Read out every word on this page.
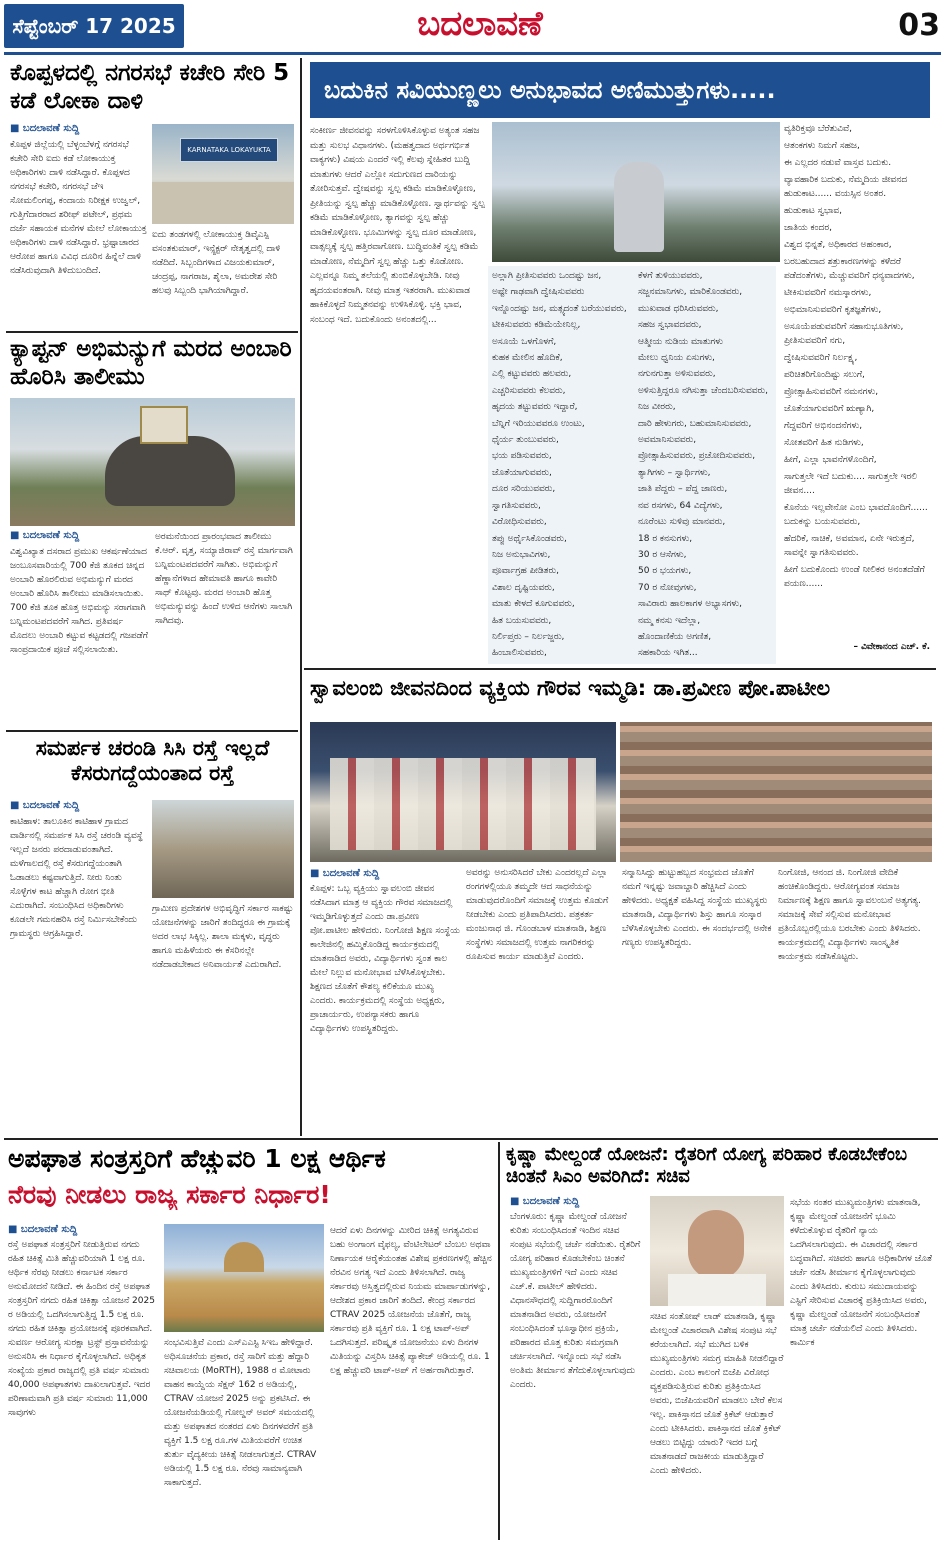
ಸೆಪ್ಟೆಂಬರ್ 17 2025	ಬದಲಾವಣೆ	03
ಕೊಪ್ಪಳದಲ್ಲಿ ನಗರಸಭೆ ಕಚೇರಿ ಸೇರಿ 5 ಕಡೆ ಲೋಕಾ ದಾಳಿ
■ ಬದಲಾವಣೆ ಸುದ್ದಿ
ಕೊಪ್ಪಳ ಜಿಲ್ಲೆಯಲ್ಲಿ ಬೆಳ್ಳಂಬೆಳಗ್ಗೆ ನಗರಸಭೆ ಕಚೇರಿ ಸೇರಿ ಐದು ಕಡೆ ಲೋಕಾಯುಕ್ತ ಅಧಿಕಾರಿಗಳು ದಾಳಿ ನಡೆಸಿದ್ದಾರೆ. ಕೊಪ್ಪಳದ ನಗರಸಭೆ ಕಚೇರಿ, ನಗರಸಭೆ ಜೆಇ ಸೋಮಲಿಂಗಪ್ಪ, ಕಂದಾಯ ನಿರೀಕ್ಷಕ ಉಜ್ವಲ್, ಗುತ್ತಿಗೆದಾರರಾದ ಶರೀಫ್ ಪಟೇಲ್, ಪ್ರಥಮ ದರ್ಜೆ ಸಹಾಯಕ ಮನೆಗಳ ಮೇಲೆ ಲೋಕಾಯುಕ್ತ ಅಧಿಕಾರಿಗಳು ದಾಳಿ ನಡೆಸಿದ್ದಾರೆ. ಭ್ರಷ್ಟಾಚಾರದ ಆರೋಪ ಹಾಗೂ ವಿವಿಧ ದೂರಿನ ಹಿನ್ನೆಲೆ ದಾಳಿ ನಡೆಸಿರುವುದಾಗಿ ತಿಳಿದುಬಂದಿದೆ.
KARNATAKA LOKAYUKTA
ಐದು ತಂಡಗಳಲ್ಲಿ ಲೋಕಾಯುಕ್ತ ಡಿವೈಎಸ್ಪಿ ವಸಂತಕುಮಾರ್, ಇನ್ಸ್ಪೆಕ್ಟರ್ ನೇತೃತ್ವದಲ್ಲಿ ದಾಳಿ ನಡೆದಿದೆ. ಸಿಬ್ಬಂದಿಗಳಾದ ವಿಜಯಕುಮಾರ್, ಚಂದ್ರಪ್ಪ, ನಾಗರಾಜ, ಶೈಲಾ, ಅಮರೇಶ ಸೇರಿ ಹಲವು ಸಿಬ್ಬಂದಿ ಭಾಗಿಯಾಗಿದ್ದಾರೆ.
ಕ್ಯಾಪ್ಟನ್ ಅಭಿಮನ್ಯುಗೆ ಮರದ ಅಂಬಾರಿ ಹೊರಿಸಿ ತಾಲೀಮು
■ ಬದಲಾವಣೆ ಸುದ್ದಿ
ವಿಶ್ವವಿಖ್ಯಾತ ದಸರಾದ ಪ್ರಮುಖ ಆಕರ್ಷಣೆಯಾದ ಜಂಬೂಸವಾರಿಯಲ್ಲಿ 700 ಕೆಜಿ ತೂಕದ ಚಿನ್ನದ ಅಂಬಾರಿ ಹೊರಲಿರುವ ಅಭಿಮನ್ಯುಗೆ ಮರದ ಅಂಬಾರಿ ಹೊರಿಸಿ ತಾಲೀಮು ಮಾಡಿಸಲಾಯಿತು. 700 ಕೆಜಿ ತೂಕ ಹೊತ್ತ ಅಭಿಮನ್ಯು ಸರಾಗವಾಗಿ ಬನ್ನಿಮಂಟಪದವರೆಗೆ ಸಾಗಿದ. ಪ್ರತಿವರ್ಷ ಮೊದಲು ಅಂಬಾರಿ ಕಟ್ಟುವ ಕಟ್ಟಡದಲ್ಲಿ ಗಜಪಡೆಗೆ ಸಾಂಪ್ರದಾಯಿಕ ಪೂಜೆ ಸಲ್ಲಿಸಲಾಯಿತು.
ಅರಮನೆಯಿಂದ ಪ್ರಾರಂಭವಾದ ತಾಲೀಮು ಕೆ.ಆರ್. ವೃತ್ತ, ಸಯ್ಯಾಜಿರಾವ್ ರಸ್ತೆ ಮಾರ್ಗವಾಗಿ ಬನ್ನಿಮಂಟಪದವರೆಗೆ ಸಾಗಿತು. ಅಭಿಮನ್ಯುಗೆ ಹೆಣ್ಣಾನೆಗಳಾದ ಹೇಮಾವತಿ ಹಾಗೂ ಕಾವೇರಿ ಸಾಥ್ ಕೊಟ್ಟವು. ಮರದ ಅಂಬಾರಿ ಹೊತ್ತ ಅಭಿಮನ್ಯುವನ್ನು ಹಿಂದೆ ಉಳಿದ ಆನೆಗಳು ಸಾಲಾಗಿ ಸಾಗಿದವು.
ಸಮರ್ಪಕ ಚರಂಡಿ ಸಿಸಿ ರಸ್ತೆ ಇಲ್ಲದೆ ಕೆಸರುಗದ್ದೆಯಂತಾದ ರಸ್ತೆ
■ ಬದಲಾವಣೆ ಸುದ್ದಿ
ಕಾಟಿಹಾಳ: ತಾಲೂಕಿನ ಕಾಟಿಹಾಳ ಗ್ರಾಮದ ವಾರ್ಡಿನಲ್ಲಿ ಸಮರ್ಪಕ ಸಿಸಿ ರಸ್ತೆ ಚರಂಡಿ ವ್ಯವಸ್ಥೆ ಇಲ್ಲದೆ ಜನರು ಪರದಾಡುವಂತಾಗಿದೆ. ಮಳೆಗಾಲದಲ್ಲಿ ರಸ್ತೆ ಕೆಸರುಗದ್ದೆಯಂತಾಗಿ ಓಡಾಡಲು ಕಷ್ಟವಾಗುತ್ತಿದೆ. ನೀರು ನಿಂತು ಸೊಳ್ಳೆಗಳ ಕಾಟ ಹೆಚ್ಚಾಗಿ ರೋಗ ಭೀತಿ ಎದುರಾಗಿದೆ. ಸಂಬಂಧಿಸಿದ ಅಧಿಕಾರಿಗಳು ಕೂಡಲೇ ಗಮನಹರಿಸಿ ರಸ್ತೆ ನಿರ್ಮಿಸಬೇಕೆಂದು ಗ್ರಾಮಸ್ಥರು ಆಗ್ರಹಿಸಿದ್ದಾರೆ.
ಗ್ರಾಮೀಣ ಪ್ರದೇಶಗಳ ಅಭಿವೃದ್ಧಿಗೆ ಸರ್ಕಾರ ಸಾಕಷ್ಟು ಯೋಜನೆಗಳನ್ನು ಜಾರಿಗೆ ತಂದಿದ್ದರೂ ಈ ಗ್ರಾಮಕ್ಕೆ ಅದರ ಲಾಭ ಸಿಕ್ಕಿಲ್ಲ. ಶಾಲಾ ಮಕ್ಕಳು, ವೃದ್ಧರು ಹಾಗೂ ಮಹಿಳೆಯರು ಈ ಕೆಸರಿನಲ್ಲೇ ನಡೆದಾಡಬೇಕಾದ ಅನಿವಾರ್ಯತೆ ಎದುರಾಗಿದೆ.
ಬದುಕಿನ ಸವಿಯುಣ್ಣಲು ಅನುಭಾವದ ಅಣಿಮುತ್ತುಗಳು.....
ಸಂಕೀರ್ಣ ಜೀವನವನ್ನು ಸರಳಗೊಳಿಸಿಕೊಳ್ಳುವ ಅತ್ಯಂತ ಸಹಜ ಮತ್ತು ಸುಲಭ ವಿಧಾನಗಳು. (ಮಹತ್ವದಾದ ಅರ್ಥಗರ್ಭಿತ ವಾಕ್ಯಗಳು) ವಿಷಯ ಎಂದರೆ ಇಲ್ಲಿ ಕೆಲವು ಸ್ನೇಹಿತರ ಬುದ್ದಿ ಮಾತುಗಳು ಆದರೆ ಎಲ್ಲೋ ಸದುಗುಣದ ದಾರಿಯನ್ನು ತೋರಿಸುತ್ತವೆ. ದ್ವೇಷವನ್ನು ಸ್ವಲ್ಪ ಕಡಿಮೆ ಮಾಡಿಕೊಳ್ಳೋಣ, ಪ್ರೀತಿಯನ್ನು ಸ್ವಲ್ಪ ಹೆಚ್ಚು ಮಾಡಿಕೊಳ್ಳೋಣ. ಸ್ವಾರ್ಥವನ್ನು ಸ್ವಲ್ಪ ಕಡಿಮೆ ಮಾಡಿಕೊಳ್ಳೋಣ, ತ್ಯಾಗವನ್ನು ಸ್ವಲ್ಪ ಹೆಚ್ಚು ಮಾಡಿಕೊಳ್ಳೋಣ. ಭೂಮಿಗಳನ್ನು ಸ್ವಲ್ಪ ದೂರ ಮಾಡೋಣ, ವಾತ್ಸಲ್ಯಕ್ಕೆ ಸ್ವಲ್ಪ ಹತ್ತಿರವಾಗೋಣ. ಬುದ್ಧಿವಂತಿಕೆ ಸ್ವಲ್ಪ ಕಡಿಮೆ ಮಾಡೋಣ, ನೆಮ್ಮದಿಗೆ ಸ್ವಲ್ಪ ಹೆಚ್ಚು ಒತ್ತು ಕೊಡೋಣ. ಎಲ್ಲವನ್ನೂ ನಿಮ್ಮ ತಲೆಯಲ್ಲಿ ತುಂಬಿಕೊಳ್ಳಬೇಡಿ. ನೀವು ಹೃದಯವಂತರಾಗಿ. ನೀವು ಮಾತ್ರ ಇತರರಾಗಿ. ಮುಖವಾಡ ಹಾಕಿಕೊಳ್ಳದೆ ನಿಮ್ಮತನವನ್ನು ಉಳಿಸಿಕೊಳ್ಳಿ. ಭಕ್ತಿ ಭಾವ, ಸಂಬಂಧ ಇದೆ. ಬದುಕೊಂದು ಅನಂತದಲ್ಲಿ...
ಅಲ್ಲಾಗಿ ಪ್ರೀತಿಸುವವರು ಒಂದಷ್ಟು ಜನ,
ಅಷ್ಟೇ ಗಾಢವಾಗಿ ದ್ವೇಷಿಸುವವರು
ಇನ್ನೊಂದಷ್ಟು ಜನ, ಮತ್ಸ್ಯದಂತೆ ಬರೆಯುವವರು,
ಟೀಕಿಸುವವರು ಕಡಿಮೆಯೇನಿಲ್ಲ,
ಅಸೂಯೆ ಒಳಗೊಳಗೆ,
ಕುಹಕ ಮೇಲಿನ ಹೊದಿಕೆ,
ಎಲ್ಲಿ ಕಟ್ಟುವವರು ಹಲವರು,
ಎಚ್ಚರಿಸುವವರು ಕೆಲವರು,
ಹೃದಯ ತಟ್ಟುವವರು ಇದ್ದಾರೆ,
ಬೆನ್ನಿಗೆ ಇರಿಯುವವರೂ ಉಂಟು,
ಧೈರ್ಯ ತುಂಬುವವರು,
ಭಯ ಪಡಿಸುವವರು,
ಜೊತೆಯಾಗುವವರು,
ದೂರ ಸರಿಯುವವರು,
ಸ್ವಾಗತಿಸುವವರು,
ವಿರೋಧಿಸುವವರು,
ತಪ್ಪು ಅರ್ಥೈಸಿಕೊಂಡವರು,
ನಿಜ ಅನುಭಾವಿಗಳು,
ಪೂರ್ವಾಗ್ರಹ ಪೀಡಿತರು,
ವಿಶಾಲ ದೃಷ್ಟಿಯವರು,
ಮಾತು ಕೇಳದೆ ಕೂಗುವವರು,
ಹಿತ ಬಯಸುವವರು,
ನಿರ್ಲಿಪ್ತರು – ನಿರ್ಲಜ್ಜರು,
ಹಿಂಬಾಲಿಸುವವರು,
ಕೆಳಗೆ ತುಳಿಯುವವರು,
ಸಜ್ಜನಮಾನಿಗಳು, ಮಾರಿಕೊಂಡವರು,
ಮುಖವಾಡ ಧರಿಸಿರುವವರು,
ಸಹಜ ಸ್ವಭಾವದವರು,
ಆತ್ಮೀಯ ನುಡಿಯ ಮಾತುಗಳು
ಮೇಲು ಧ್ವನಿಯ ಏಸುಗಳು,
ನಗುನಗುತ್ತಾ ಅಳಿಸುವವರು,
ಅಳಿಸುತ್ತಿದ್ದರೂ ನಗಿಸುತ್ತಾ ಚೆಂದಬರಿಸುವವರು,
ನಿಜ ವೀರರು,
ದಾರಿ ಹೇಳುಗರು, ಬಹುಮಾನಿಸುವವರು,
ಅವಮಾನಿಸುವವರು,
ಪ್ರೋತ್ಸಾಹಿಸುವವರು, ಪ್ರಚೋದಿಸುವವರು,
ತ್ಯಾಗಿಗಳು – ಸ್ವಾರ್ಥಿಗಳು,
ಜಾತಿ ಪೆದ್ದರು – ಪೆದ್ದ ಜಾಣರು,
ನವ ರಸಗಳು, 64 ವಿದ್ಯೆಗಳು,
ನೂರೆಂಟು ಸುಳಿವು ಮಾನವರು,
18 ರ ಕನಸುಗಳು,
30 ರ ಆಸೆಗಳು,
50 ರ ಭಯಗಳು,
70 ರ ನೋವುಗಳು,
ಸಾವಿರಾರು ಹಾಲಕಾಗಳ ಅಭ್ಯಾಸಗಳು,
ನಮ್ಮ ಕನಸು ಇದೆಲ್ಲಾ,
ಹೊಂದಾಣಿಕೆಯ ಅಗಣಿತ,
ಸಹಕಾರಿಯ ಇಗಿತ...
ವ್ಯತಿರಿಕ್ತವೂ ಬೆರೆತುವಿವೆ,
ಆತಂಕಗಳು ನಿಮಗೆ ಸಹಜ,
ಈ ಎಲ್ಲದರ ನಡುವೆ ವಾಸ್ತವ ಬದುಕು.
ವ್ಯಾವಹಾರಿಕ ಬದುಕು, ನೆಮ್ಮದಿಯ ಜೀವನದ ಹುಡುಕಾಟ...... ವಯಸ್ಸಿನ ಅಂತರ.
ಹುಡುಕಾಟ ಸ್ವಭಾವ,
ಜಾತಿಯ ಕಂದರ,
ವಿಶ್ವದ ಭಿನ್ನತೆ, ಅಧಿಕಾರದ ಅಹಂಕಾರ,
ಬರಬಹುದಾದ ಶತ್ರುಕಾರಣಗಳನ್ನು ಕಳೆದರೆ ಪಡೆದಂತೆಗಳು, ಮೆಚ್ಚುವವರಿಗೆ ಧನ್ಯವಾದಗಳು,
ಟೀಕಿಸುವವರಿಗೆ ನಮಸ್ಕಾರಗಳು,
ಅಭಿಮಾನಿಸುವವರಿಗೆ ಕೃತಜ್ಞತೆಗಳು,
ಅಸೂಯೆಪಡುವವರಿಗೆ ಸಹಾನುಭೂತಿಗಳು, ಪ್ರೀತಿಸುವವರಿಗೆ ನಗು,
ದ್ವೇಷಿಸುವವರಿಗೆ ನಿರ್ಲಕ್ಷ್ಯ,
ಪರಿಚಿತರಿಗೊಂದಿಷ್ಟು ಸಲುಗೆ,
ಪ್ರೋತ್ಸಾಹಿಸುವವರಿಗೆ ನಮನಗಳು,
ಜೊತೆಯಾಗುವವರಿಗೆ ಋಣ್ಯಾಗಿ,
ಗೆದ್ದವರಿಗೆ ಅಭಿನಂದನೆಗಳು,
ಸೋತವರಿಗೆ ಹಿತ ನುಡಿಗಳು,
ಹೀಗೆ, ಎಲ್ಲಾ ಭಾವನೆಗಳೊಂದಿಗೆ,
ಸಾಗುತ್ತಲೇ ಇದೆ ಬದುಕು.... ಸಾಗುತ್ತಲೇ ಇರಲಿ ಜೀವನ....
ಕೊನೆಯ ಇಲ್ಲವೇನೋ ಎಂಬ ಭಾವದೊಂದಿಗೆ...... ಬದುಕನ್ನು ಬಯಸುವವರು,
ಹೆದರಿಕೆ, ನಾಚಿಕೆ, ಅವಮಾನ, ಏನೇ ಇರುತ್ತದೆ, ಸಾವನ್ನೇ ಸ್ವಾಗತಿಸುವವರು.
ಹೀಗೆ ಬದುಕೊಂದು ಉಂಡೆ ನೀಲಿಕರ ಅನಂತದೆಡೆಗೆ ಪಯಣ......
– ವಿವೇಕಾನಂದ ಎಚ್. ಕೆ.
ಸ್ವಾವಲಂಬಿ ಜೀವನದಿಂದ ವ್ಯಕ್ತಿಯ ಗೌರವ ಇಮ್ಮಡಿ: ಡಾ.ಪ್ರವೀಣ ಪೋ.ಪಾಟೀಲ
■ ಬದಲಾವಣೆ ಸುದ್ದಿ
ಕೊಪ್ಪಳ: ಒಬ್ಬ ವ್ಯಕ್ತಿಯು ಸ್ವಾವಲಂಬಿ ಜೀವನ ನಡೆಸಿದಾಗ ಮಾತ್ರ ಆ ವ್ಯಕ್ತಿಯ ಗೌರವ ಸಮಾಜದಲ್ಲಿ ಇಮ್ಮಡಿಗೊಳ್ಳುತ್ತದೆ ಎಂದು ಡಾ.ಪ್ರವೀಣ ಪೋ.ಪಾಟೀಲ ಹೇಳಿದರು. ನಿಂಗೋಜಿ ಶಿಕ್ಷಣ ಸಂಸ್ಥೆಯ ಕಾಲೇಜಿನಲ್ಲಿ ಹಮ್ಮಿಕೊಂಡಿದ್ದ ಕಾರ್ಯಕ್ರಮದಲ್ಲಿ ಮಾತನಾಡಿದ ಅವರು, ವಿದ್ಯಾರ್ಥಿಗಳು ಸ್ವಂತ ಕಾಲ ಮೇಲೆ ನಿಲ್ಲುವ ಮನೋಭಾವ ಬೆಳೆಸಿಕೊಳ್ಳಬೇಕು. ಶಿಕ್ಷಣದ ಜೊತೆಗೆ ಕೌಶಲ್ಯ ಕಲಿಕೆಯೂ ಮುಖ್ಯ ಎಂದರು. ಕಾರ್ಯಕ್ರಮದಲ್ಲಿ ಸಂಸ್ಥೆಯ ಅಧ್ಯಕ್ಷರು, ಪ್ರಾಚಾರ್ಯರು, ಉಪನ್ಯಾಸಕರು ಹಾಗೂ ವಿದ್ಯಾರ್ಥಿಗಳು ಉಪಸ್ಥಿತರಿದ್ದರು.
ಅವರನ್ನು ಅನುಸರಿಸಿದರೆ ಬೇಕು ಎಂದರಲ್ಲದೆ ಎಲ್ಲಾ ರಂಗಗಳಲ್ಲಿಯೂ ತಮ್ಮದೇ ಆದ ಸಾಧನೆಯನ್ನು ಮಾಡುವುದರೊಂದಿಗೆ ಸಮಾಜಕ್ಕೆ ಉತ್ತಮ ಕೊಡುಗೆ ನೀಡಬೇಕು ಎಂದು ಪ್ರತಿಪಾದಿಸಿದರು. ಪತ್ರಕರ್ತ ಮಂಜುನಾಥ ಜಿ. ಗೊಂಡಬಾಳ ಮಾತನಾಡಿ, ಶಿಕ್ಷಣ ಸಂಸ್ಥೆಗಳು ಸಮಾಜದಲ್ಲಿ ಉತ್ತಮ ನಾಗರಿಕರನ್ನು ರೂಪಿಸುವ ಕಾರ್ಯ ಮಾಡುತ್ತಿವೆ ಎಂದರು.
ಸನ್ಮಾನಿಸಿದ್ದು ಹುಟ್ಟುಹಬ್ಬದ ಸಂಭ್ರಮದ ಜೊತೆಗೆ ನಮಗೆ ಇನ್ನಷ್ಟು ಜವಾಬ್ದಾರಿ ಹೆಚ್ಚಿಸಿದೆ ಎಂದು ಹೇಳಿದರು. ಅಧ್ಯಕ್ಷತೆ ವಹಿಸಿದ್ದ ಸಂಸ್ಥೆಯ ಮುಖ್ಯಸ್ಥರು ಮಾತನಾಡಿ, ವಿದ್ಯಾರ್ಥಿಗಳು ಶಿಸ್ತು ಹಾಗೂ ಸಂಸ್ಕಾರ ಬೆಳೆಸಿಕೊಳ್ಳಬೇಕು ಎಂದರು. ಈ ಸಂದರ್ಭದಲ್ಲಿ ಅನೇಕ ಗಣ್ಯರು ಉಪಸ್ಥಿತರಿದ್ದರು.
ನಿಂಗೋಜಿ, ಆನಂದ ಜಿ. ನಿಂಗೋಜಿ ವೇದಿಕೆ ಹಂಚಿಕೊಂಡಿದ್ದರು. ಆರೋಗ್ಯವಂತ ಸಮಾಜ ನಿರ್ಮಾಣಕ್ಕೆ ಶಿಕ್ಷಣ ಹಾಗೂ ಸ್ವಾವಲಂಬನೆ ಅತ್ಯಗತ್ಯ. ಸಮಾಜಕ್ಕೆ ಸೇವೆ ಸಲ್ಲಿಸುವ ಮನೋಭಾವ ಪ್ರತಿಯೊಬ್ಬರಲ್ಲಿಯೂ ಬರಬೇಕು ಎಂದು ತಿಳಿಸಿದರು. ಕಾರ್ಯಕ್ರಮದಲ್ಲಿ ವಿದ್ಯಾರ್ಥಿಗಳು ಸಾಂಸ್ಕೃತಿಕ ಕಾರ್ಯಕ್ರಮ ನಡೆಸಿಕೊಟ್ಟರು.
ಅಪಘಾತ ಸಂತ್ರಸ್ತರಿಗೆ ಹೆಚ್ಚುವರಿ 1 ಲಕ್ಷ ಆರ್ಥಿಕ
ನೆರವು ನೀಡಲು ರಾಜ್ಯ ಸರ್ಕಾರ ನಿರ್ಧಾರ!
■ ಬದಲಾವಣೆ ಸುದ್ದಿ
ರಸ್ತೆ ಅಪಘಾತ ಸಂತ್ರಸ್ತರಿಗೆ ನೀಡುತ್ತಿರುವ ನಗದು ರಹಿತ ಚಿಕಿತ್ಸೆ ಮಿತಿ ಹೆಚ್ಚುವರಿಯಾಗಿ 1 ಲಕ್ಷ ರೂ. ಆರ್ಥಿಕ ನೆರವು ನೀಡಲು ಕರ್ನಾಟಕ ಸರ್ಕಾರ ಅನುಮೋದನೆ ನೀಡಿದೆ. ಈ ಹಿಂದಿನ ರಸ್ತೆ ಅಪಘಾತ ಸಂತ್ರಸ್ತರಿಗೆ ನಗದು ರಹಿತ ಚಿಕಿತ್ಸಾ ಯೋಜನೆ 2025 ರ ಅಡಿಯಲ್ಲಿ ಒದಗಿಸಲಾಗುತ್ತಿದ್ದ 1.5 ಲಕ್ಷ ರೂ. ನಗದು ರಹಿತ ಚಿಕಿತ್ಸಾ ಪ್ರಯೋಜನಕ್ಕೆ ಪೂರಕವಾಗಿದೆ. ಸುವರ್ಣ ಆರೋಗ್ಯ ಸುರಕ್ಷಾ ಟ್ರಸ್ಟ್ ಪ್ರಸ್ತಾವನೆಯನ್ನು ಅನುಸರಿಸಿ ಈ ನಿರ್ಧಾರ ಕೈಗೊಳ್ಳಲಾಗಿದೆ. ಅಧಿಕೃತ ಸಂಖ್ಯೆಯ ಪ್ರಕಾರ ರಾಜ್ಯದಲ್ಲಿ ಪ್ರತಿ ವರ್ಷ ಸುಮಾರು 40,000 ಅಪಘಾತಗಳು ದಾಖಲಾಗುತ್ತವೆ. ಇದರ ಪರಿಣಾಮವಾಗಿ ಪ್ರತಿ ವರ್ಷ ಸುಮಾರು 11,000 ಸಾವುಗಳು
ಸಂಭವಿಸುತ್ತಿವೆ ಎಂದು ಎಸ್ಎಎಸ್ಟಿ ಸಿಇಒ ಹೇಳಿದ್ದಾರೆ. ಅಧಿಸೂಚನೆಯ ಪ್ರಕಾರ, ರಸ್ತೆ ಸಾರಿಗೆ ಮತ್ತು ಹೆದ್ದಾರಿ ಸಚಿವಾಲಯ (MoRTH), 1988 ರ ಮೋಟಾರು ವಾಹನ ಕಾಯ್ದೆಯ ಸೆಕ್ಷನ್ 162 ರ ಅಡಿಯಲ್ಲಿ, CTRAV ಯೋಜನೆ 2025 ಅನ್ನು ಪ್ರಕಟಿಸಿದೆ. ಈ ಯೋಜನೆಯಡಿಯಲ್ಲಿ ಗೋಲ್ಡನ್ ಅವರ್ ಸಮಯದಲ್ಲಿ ಮತ್ತು ಅಪಘಾತದ ನಂತರದ ಏಳು ದಿನಗಳವರೆಗೆ ಪ್ರತಿ ವ್ಯಕ್ತಿಗೆ 1.5 ಲಕ್ಷ ರೂ.ಗಳ ಮಿತಿಯವರೆಗೆ ಉಚಿತ ತುರ್ತು ವೈದ್ಯಕೀಯ ಚಿಕಿತ್ಸೆ ನೀಡಲಾಗುತ್ತದೆ. CTRAV ಅಡಿಯಲ್ಲಿ 1.5 ಲಕ್ಷ ರೂ. ನೆರವು ಸಾಮಾನ್ಯವಾಗಿ ಸಾಕಾಗುತ್ತದೆ.
ಆದರೆ ಏಳು ದಿನಗಳನ್ನು ಮೀರಿದ ಚಿಕಿತ್ಸೆ ಅಗತ್ಯವಿರುವ ಬಹು ಅಂಗಾಂಗ ವೈಫಲ್ಯ, ವೆಂಟಿಲೇಟರ್ ಬೆಂಬಲ ಅಥವಾ ನಿರ್ಣಾಯಕ ಆರೈಕೆಯಂತಹ ವಿಶೇಷ ಪ್ರಕರಣಗಳಲ್ಲಿ ಹೆಚ್ಚಿನ ನೆರವಿನ ಅಗತ್ಯ ಇದೆ ಎಂದು ತಿಳಿಸಲಾಗಿದೆ. ರಾಜ್ಯ ಸರ್ಕಾರವು ಅಸ್ತಿತ್ವದಲ್ಲಿರುವ ನಿಯಮ ಮಾರ್ಪಾಡುಗಳನ್ನು, ಆದೇಶದ ಪ್ರಕಾರ ಜಾರಿಗೆ ತಂದಿದೆ. ಕೇಂದ್ರ ಸರ್ಕಾರದ CTRAV 2025 ಯೋಜನೆಯ ಜೊತೆಗೆ, ರಾಜ್ಯ ಸರ್ಕಾರವು ಪ್ರತಿ ವ್ಯಕ್ತಿಗೆ ರೂ. 1 ಲಕ್ಷ ಟಾಪ್-ಅಪ್ ಒದಗಿಸುತ್ತದೆ. ಪರಿಷ್ಕೃತ ಯೋಜನೆಯು ಏಳು ದಿನಗಳ ಮಿತಿಯನ್ನು ವಿಸ್ತರಿಸಿ ಚಿಕಿತ್ಸೆ ಪ್ಯಾಕೇಜ್ ಅಡಿಯಲ್ಲಿ ರೂ. 1 ಲಕ್ಷ ಹೆಚ್ಚುವರಿ ಟಾಪ್-ಅಪ್ ಗೆ ಅರ್ಹರಾಗಿರುತ್ತಾರೆ.
ಕೃಷ್ಣಾ ಮೇಲ್ದಂಡೆ ಯೋಜನೆ: ರೈತರಿಗೆ ಯೋಗ್ಯ ಪರಿಹಾರ ಕೊಡಬೇಕೆಂಬ ಚಿಂತನೆ ಸಿಎಂ ಅವರಿಗಿದೆ: ಸಚಿವ
■ ಬದಲಾವಣೆ ಸುದ್ದಿ
ಬೆಂಗಳೂರು: ಕೃಷ್ಣಾ ಮೇಲ್ದಂಡೆ ಯೋಜನೆ ಕುರಿತು ಸಂಬಂಧಿಸಿದಂತೆ ಇಂದಿನ ಸಚಿವ ಸಂಪುಟ ಸಭೆಯಲ್ಲಿ ಚರ್ಚೆ ನಡೆಯಿತು. ರೈತರಿಗೆ ಯೋಗ್ಯ ಪರಿಹಾರ ಕೊಡಬೇಕೆಂಬ ಚಿಂತನೆ ಮುಖ್ಯಮಂತ್ರಿಗಳಿಗೆ ಇದೆ ಎಂದು ಸಚಿವ ಎಚ್.ಕೆ. ಪಾಟೀಲ್ ಹೇಳಿದರು. ವಿಧಾನಸೌಧದಲ್ಲಿ ಸುದ್ದಿಗಾರರೊಂದಿಗೆ ಮಾತನಾಡಿದ ಅವರು, ಯೋಜನೆಗೆ ಸಂಬಂಧಿಸಿದಂತೆ ಭೂಸ್ವಾಧೀನ ಪ್ರಕ್ರಿಯೆ, ಪರಿಹಾರದ ಮೊತ್ತ ಕುರಿತು ಸಮಗ್ರವಾಗಿ ಚರ್ಚಿಸಲಾಗಿದೆ. ಇನ್ನೊಂದು ಸಭೆ ನಡೆಸಿ ಅಂತಿಮ ತೀರ್ಮಾನ ತೆಗೆದುಕೊಳ್ಳಲಾಗುವುದು ಎಂದರು.
ಸಚಿವ ಸಂತೋಷ್ ಲಾಡ್ ಮಾತನಾಡಿ, ಕೃಷ್ಣಾ ಮೇಲ್ದಂಡೆ ವಿಚಾರವಾಗಿ ವಿಶೇಷ ಸಂಪುಟ ಸಭೆ ಕರೆಯಲಾಗಿದೆ. ಸಭೆ ಮುಗಿದ ಬಳಿಕ ಮುಖ್ಯಮಂತ್ರಿಗಳು ಸಮಗ್ರ ಮಾಹಿತಿ ನೀಡಲಿದ್ದಾರೆ ಎಂದರು. ಎಂಬ ಕಾಲಂಗೆ ಬಿಜೆಪಿ ವಿರೋಧ ವ್ಯಕ್ತಪಡಿಸುತ್ತಿರುವ ಕುರಿತು ಪ್ರತಿಕ್ರಿಯಿಸಿದ ಅವರು, ಬಿಜೆಪಿಯವರಿಗೆ ಮಾಡಲು ಬೇರೆ ಕೆಲಸ ಇಲ್ಲ. ಪಾಕಿಸ್ತಾನದ ಜೊತೆ ಕ್ರಿಕೆಟ್ ಆಡುತ್ತಾರೆ ಎಂದು ಟೀಕಿಸಿದರು. ಪಾಕಿಸ್ತಾನದ ಜೊತೆ ಕ್ರಿಕೆಟ್ ಆಡಲು ಬಿಟ್ಟಿದ್ದು ಯಾರು? ಇದರ ಬಗ್ಗೆ ಮಾತನಾಡದೆ ರಾಜಕೀಯ ಮಾಡುತ್ತಿದ್ದಾರೆ ಎಂದು ಹೇಳಿದರು.
ಸಭೆಯ ನಂತರ ಮುಖ್ಯಮಂತ್ರಿಗಳು ಮಾತನಾಡಿ, ಕೃಷ್ಣಾ ಮೇಲ್ದಂಡೆ ಯೋಜನೆಗೆ ಭೂಮಿ ಕಳೆದುಕೊಳ್ಳುವ ರೈತರಿಗೆ ನ್ಯಾಯ ಒದಗಿಸಲಾಗುವುದು. ಈ ವಿಚಾರದಲ್ಲಿ ಸರ್ಕಾರ ಬದ್ಧವಾಗಿದೆ. ಸಚಿವರು ಹಾಗೂ ಅಧಿಕಾರಿಗಳ ಜೊತೆ ಚರ್ಚೆ ನಡೆಸಿ ತೀರ್ಮಾನ ಕೈಗೊಳ್ಳಲಾಗುವುದು ಎಂದು ತಿಳಿಸಿದರು. ಕುರುಬ ಸಮುದಾಯವನ್ನು ಎಸ್ಟಿಗೆ ಸೇರಿಸುವ ವಿಚಾರಕ್ಕೆ ಪ್ರತಿಕ್ರಿಯಿಸಿದ ಅವರು, ಕೃಷ್ಣಾ ಮೇಲ್ದಂಡೆ ಯೋಜನೆಗೆ ಸಂಬಂಧಿಸಿದಂತೆ ಮಾತ್ರ ಚರ್ಚೆ ನಡೆಯಲಿದೆ ಎಂದು ತಿಳಿಸಿದರು. ಕಾರ್ಮಿಕ
